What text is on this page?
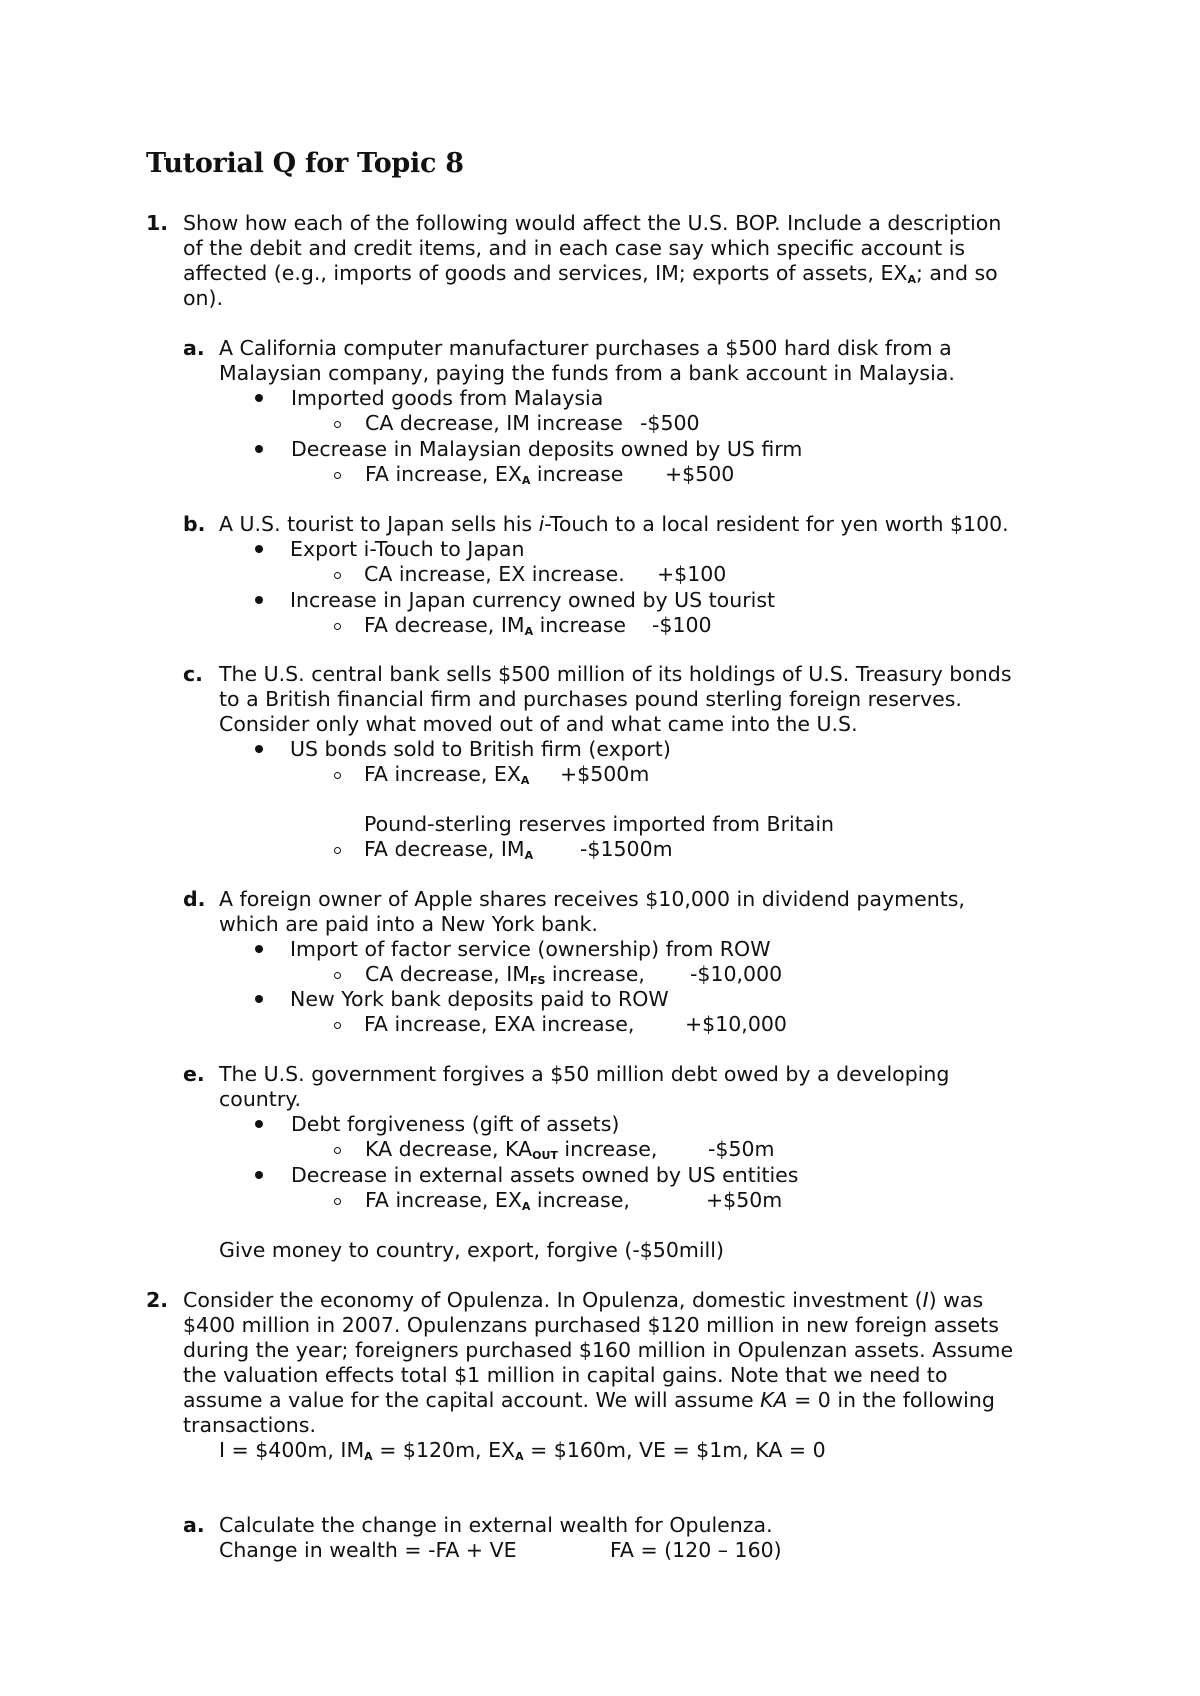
Tutorial Q for Topic 8
1. Show how each of the following would affect the U.S. BOP. Include a description
of the debit and credit items, and in each case say which specific account is
affected (e.g., imports of goods and services, IM; exports of assets, $EX_A$; and so
on).
a. A California computer manufacturer purchases a $500 hard disk from a
Malaysian company, paying the funds from a bank account in Malaysia.
Imported goods from Malaysia
CA decrease, IM increase -$500
Decrease in Malaysian deposits owned by US firm
FA increase, $EX_A$ increase +$500
b. A U.S. tourist to Japan sells his i-Touch to a local resident for yen worth $100.
Export i-Touch to Japan
CA increase, EX increase. +$100
Increase in Japan currency owned by US tourist
FA decrease, $IM_A$ increase -$100
c. The U.S. central bank sells $500 million of its holdings of U.S. Treasury bonds
to a British financial firm and purchases pound sterling foreign reserves.
Consider only what moved out of and what came into the U.S.
US bonds sold to British firm (export)
FA increase, $EX_A$ +$500m
Pound-sterling reserves imported from Britain
FA decrease, $IM_A$ -$1500m
d. A foreign owner of Apple shares receives $10,000 in dividend payments,
which are paid into a New York bank.
Import of factor service (ownership) from ROW
CA decrease, $IM_{FS}$ increase, -$10,000
New York bank deposits paid to ROW
FA increase, EXA increase, +$10,000
e. The U.S. government forgives a $50 million debt owed by a developing
country.
Debt forgiveness (gift of assets)
KA decrease, $KA_{OUT}$ increase, -$50m
Decrease in external assets owned by US entities
FA increase, $EX_A$ increase,	+$50m
Give money to country, export, forgive (-$50mill)
2. Consider the economy of Opulenza. In Opulenza, domestic investment (I) was
$400 million in 2007. Opulenzans purchased $120 million in new foreign assets
during the year; foreigners purchased $160 million in Opulenzan assets. Assume
the valuation effects total $1 million in capital gains. Note that we need to
assume a value for the capital account. We will assume KA = 0 in the following
transactions.
I = $400m, $IM_A$ = $120m, $EX_A$ = $160m, VE = $1m, KA = 0
a. Calculate the change in external wealth for Opulenza.
Change in wealth = -FA + VE	FA = (120 – 160)
